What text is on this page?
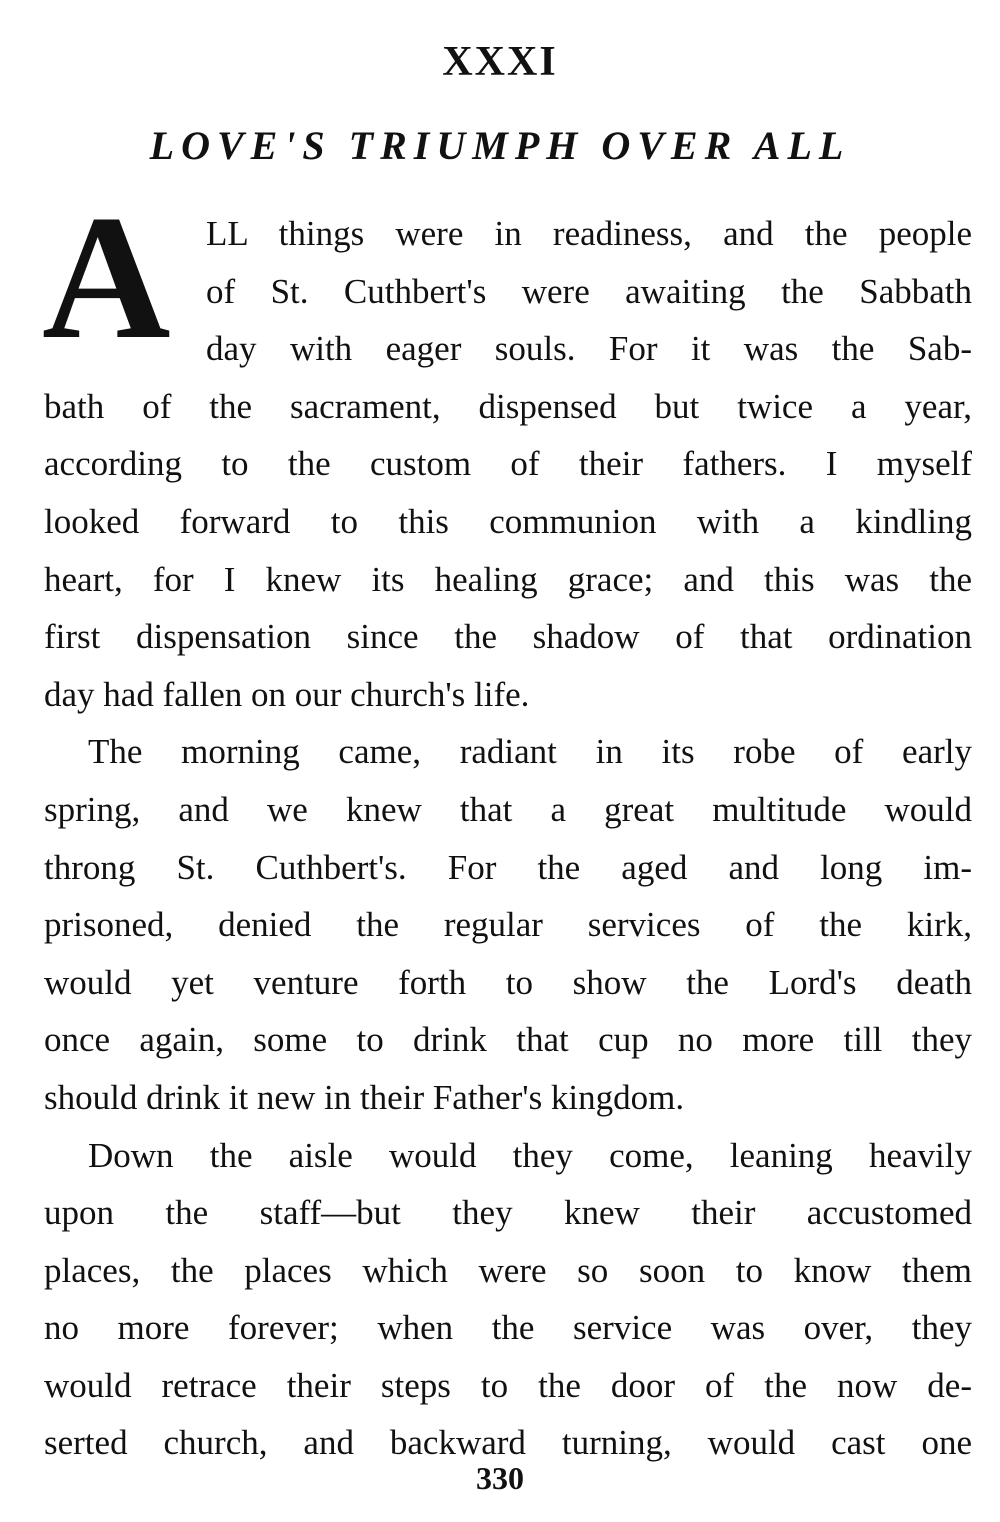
XXXI
LOVE'S TRIUMPH OVER ALL
A	LL things were in readiness, and the people
of St. Cuthbert's were awaiting the Sabbath
day with eager souls. For it was the Sab-
bath of the sacrament, dispensed but twice a year,
according to the custom of their fathers. I myself
looked forward to this communion with a kindling
heart, for I knew its healing grace; and this was the
first dispensation since the shadow of that ordination
day had fallen on our church's life.
The morning came, radiant in its robe of early
spring, and we knew that a great multitude would
throng St. Cuthbert's. For the aged and long im-
prisoned, denied the regular services of the kirk,
would yet venture forth to show the Lord's death
once again, some to drink that cup no more till they
should drink it new in their Father's kingdom.
Down the aisle would they come, leaning heavily
upon the staff—but they knew their accustomed
places, the places which were so soon to know them
no more forever; when the service was over, they
would retrace their steps to the door of the now de-
serted church, and backward turning, would cast one
330
